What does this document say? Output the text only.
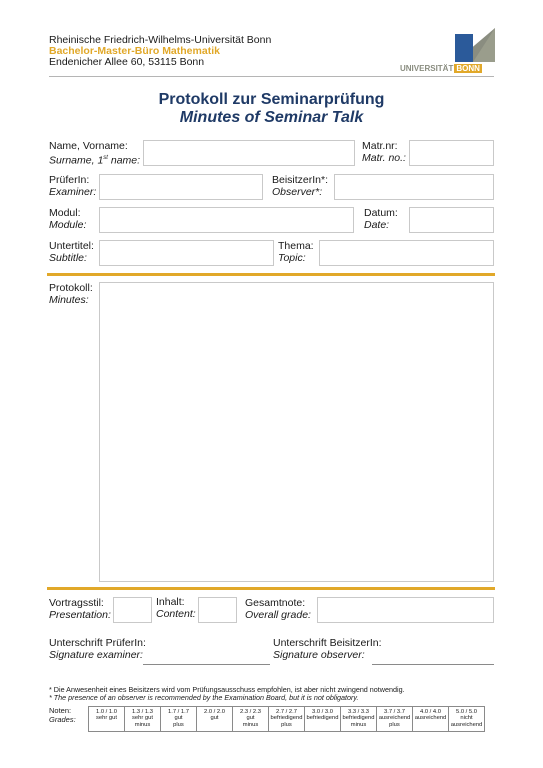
Rheinische Friedrich-Wilhelms-Universität Bonn
Bachelor-Master-Büro Mathematik
Endenicher Allee 60, 53115 Bonn
UNIVERSITÄT BONN
Protokoll zur Seminarprüfung
Minutes of Seminar Talk
Name, Vorname:
Surname, 1st name:
Matr.nr:
Matr. no.:
PrüferIn:
Examiner:
BeisitzerIn*:
Observer*:
Modul:
Module:
Datum:
Date:
Untertitel:
Subtitle:
Thema:
Topic:
Protokoll:
Minutes:
Vortragsstil:
Presentation:
Inhalt:
Content:
Gesamtnote:
Overall grade:
Unterschrift PrüferIn:
Signature examiner:
Unterschrift BeisitzerIn:
Signature observer:
* Die Anwesenheit eines Beisitzers wird vom Prüfungsausschuss empfohlen, ist aber nicht zwingend notwendig.
* The presence of an observer is recommended by the Examination Board, but it is not obligatory.
Noten:
Grades:
1.0 / 1.0
sehr gut

1.3 / 1.3
sehr gut
minus

1.7 / 1.7
gut
plus

2.0 / 2.0
gut

2.3 / 2.3
gut
minus

2.7 / 2.7
befriedigend
plus

3.0 / 3.0
befriedigend

3.3 / 3.3
befriedigend
minus

3.7 / 3.7
ausreichend
plus

4.0 / 4.0
ausreichend

5.0 / 5.0
nicht
ausreichend
